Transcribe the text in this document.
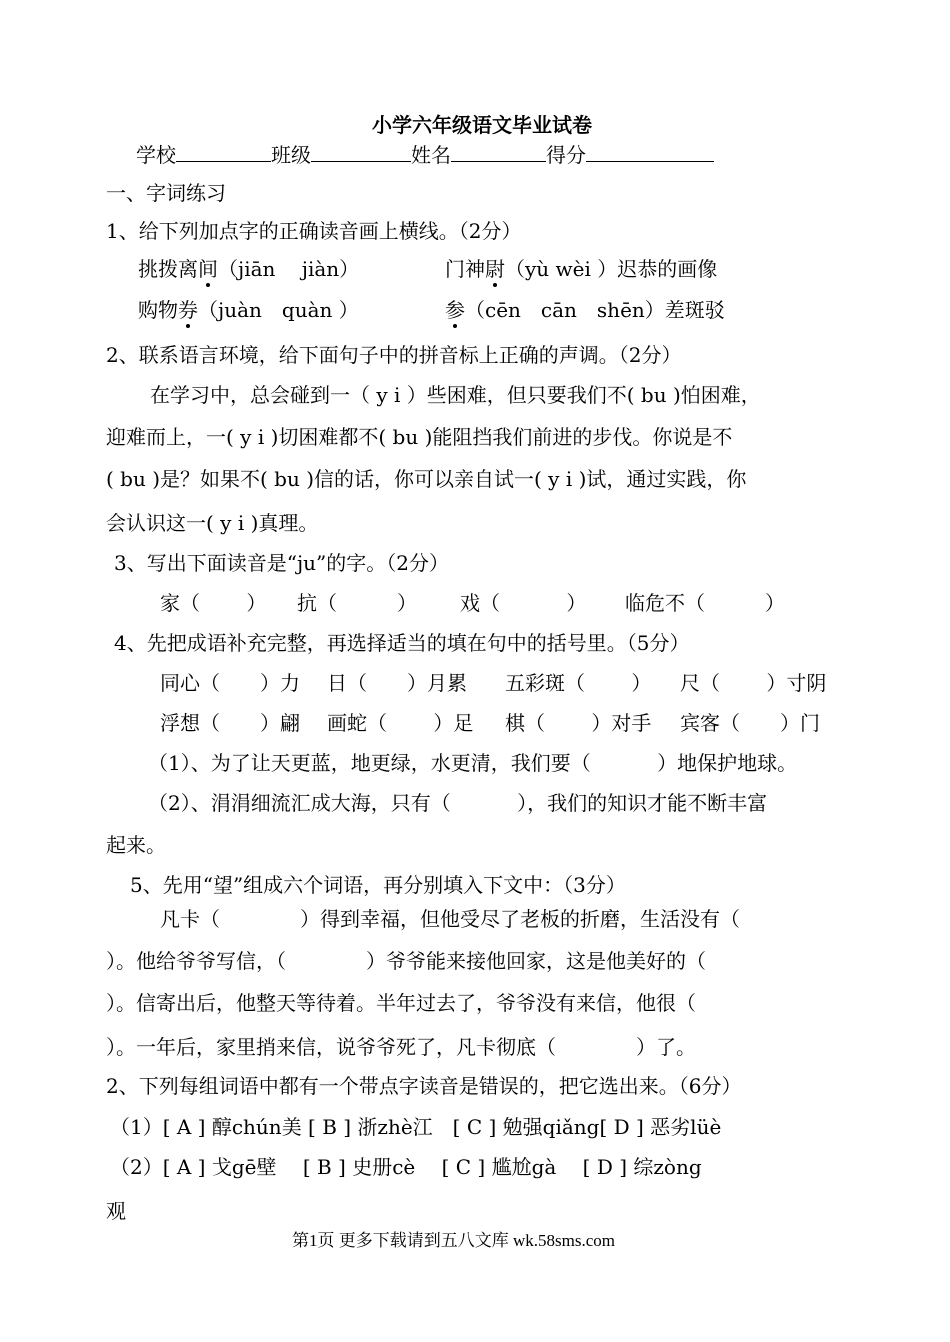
小学六年级语文毕业试卷
学校	班级	姓名	得分
一、字词练习
1、给下列加点字的正确读音画上横线。（2分）
挑拨离间（jiān　 jiàn）	门神尉（yù wèi ）迟恭的画像
购物券（juàn　quàn ）	参（cēn　cān　shēn）差斑驳
2、联系语言环境，给下面句子中的拼音标上正确的声调。（2分）
在学习中，总会碰到一（ y i ）些困难，但只要我们不( bu )怕困难，
迎难而上，一( y i )切困难都不( bu )能阻挡我们前进的步伐。你说是不
( bu )是？如果不( bu )信的话，你可以亲自试一( y i )试，通过实践，你
会认识这一( y i )真理。
3、写出下面读音是“ju”的字。（2分）
家（　　 ） 抗（　　　） 戏（　　　 ） 临危不（　　　）
4、先把成语补充完整，再选择适当的填在句中的括号里。（5分）
同心（　　）力 日（　　）月累 五彩斑（　　 ） 尺（　　 ）寸阴
浮想（　　）翩 画蛇（　　 ）足 棋（　　 ）对手 宾客（　　）门
（1）、为了让天更蓝，地更绿，水更清，我们要（　　　 ）地保护地球。
（2）、涓涓细流汇成大海，只有（　　　 ），我们的知识才能不断丰富
起来。
5、先用“望”组成六个词语，再分别填入下文中：（3分）
凡卡（　　　　）得到幸福，但他受尽了老板的折磨，生活没有（
）。他给爷爷写信，（　　　　）爷爷能来接他回家，这是他美好的（
）。信寄出后，他整天等待着。半年过去了，爷爷没有来信，他很（
）。一年后，家里捎来信，说爷爷死了，凡卡彻底（　　　　）了。
2、下列每组词语中都有一个带点字读音是错误的，把它选出来。（6分）
（1）[ A ] 醇chún美 [ B ] 浙zhè江　[ C ] 勉强qiǎng[ D ] 恶劣lüè
（2）[ A ] 戈gē壁　 [ B ] 史册cè　 [ C ] 尴尬gà　 [ D ] 综zòng
观
第1页 更多下载请到五八文库 wk.58sms.com
